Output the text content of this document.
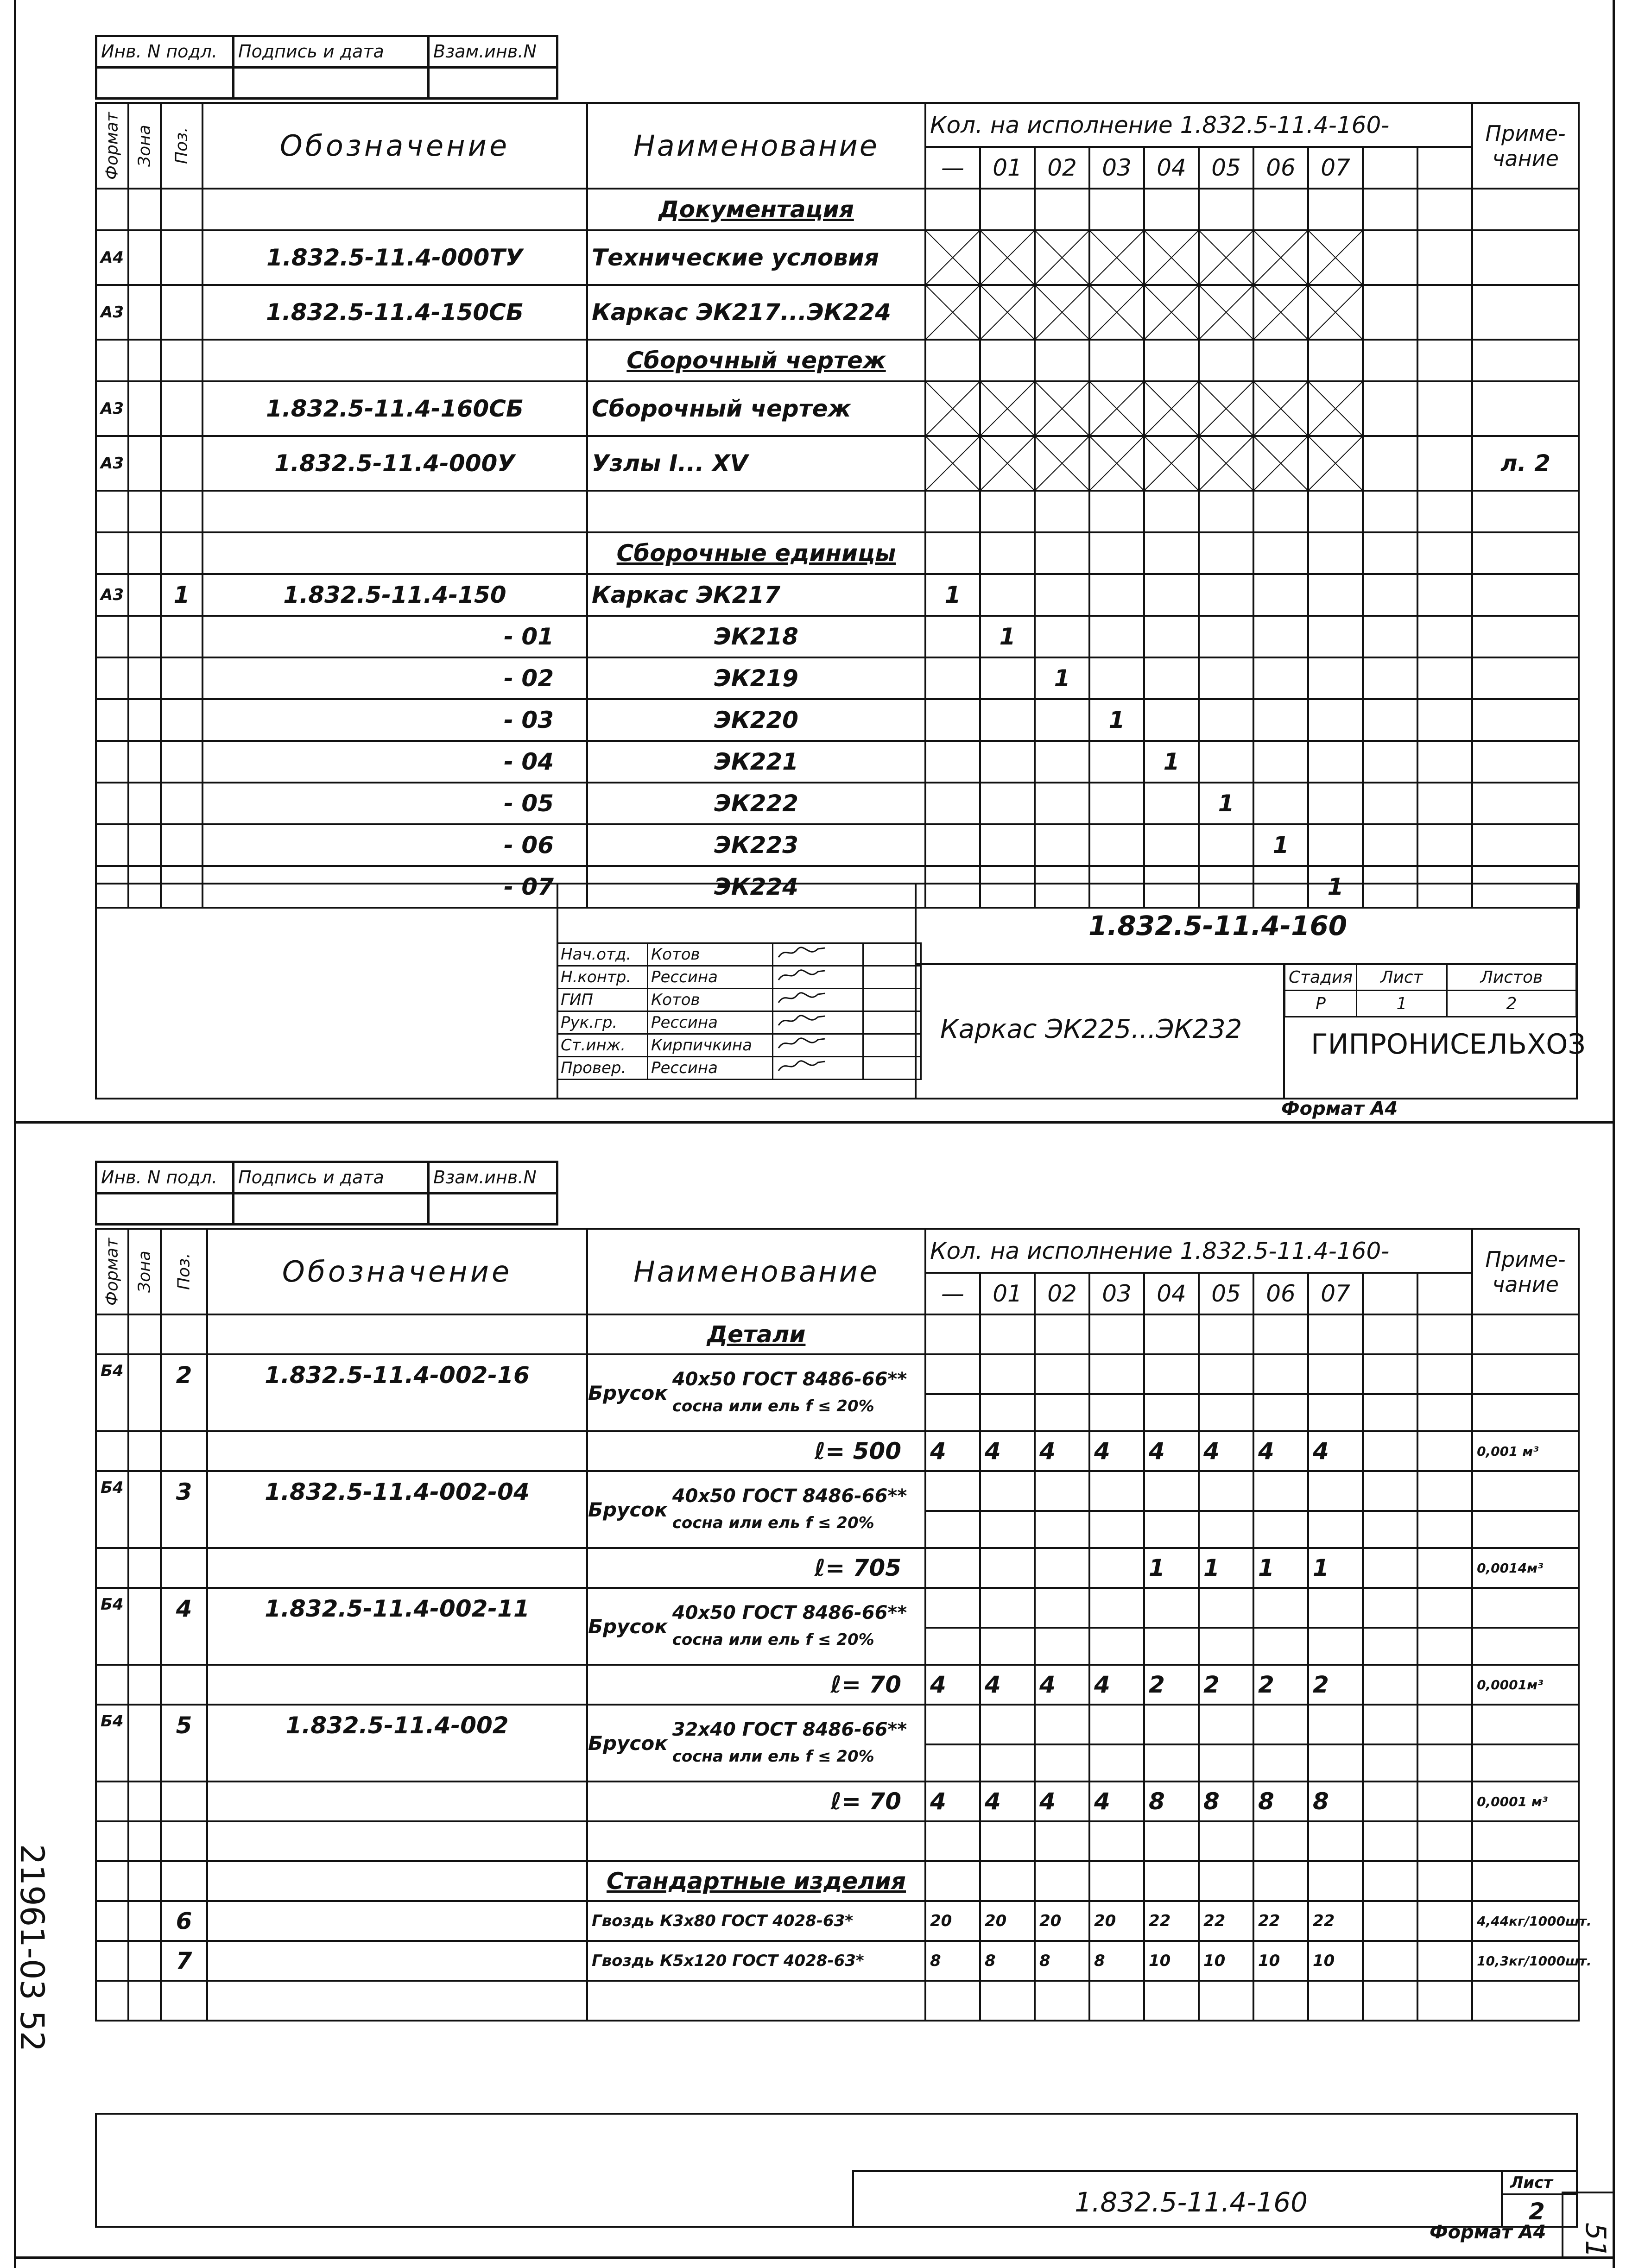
Инв. N подл.	Подпись и дата	Взам.инв.N

Формат	Зона	Поз.	Обозначение	Наименование	Кол. на исполнение 1.832.5-11.4-160-										Приме-чание
					—	01	02	03	04	05	06	07			
				Документация											
А4			1.832.5-11.4-000ТУ	Технические условия	

А3			1.832.5-11.4-150СБ	Каркас ЭК217...ЭК224	

				Сборочный чертеж											
А3			1.832.5-11.4-160СБ	Сборочный чертеж	

А3			1.832.5-11.4-000У	Узлы I... XV											л. 2

				Сборочные единицы											
А3		1	1.832.5-11.4-150	Каркас ЭК217	1										
			- 01	ЭК218		1									
			- 02	ЭК219			1								
			- 03	ЭК220				1							
			- 04	ЭК221					1						
			- 05	ЭК222						1					
			- 06	ЭК223							1				
			- 07	ЭК224								1			
Нач.отд.	Котов		
Н.контр.	Рессина		
ГИП	Котов		
Рук.гр.	Рессина		
Ст.инж.	Кирпичкина		
Провер.	Рессина		
1.832.5-11.4-160
Каркас ЭК225...ЭК232
Стадия	Лист	Листов
Р	1	2
ГИПРОНИСЕЛЬХОЗ
Формат А4
Инв. N подл.	Подпись и дата	Взам.инв.N

Формат	Зона	Поз.	Обозначение	Наименование	Кол. на исполнение 1.832.5-11.4-160-										Приме-чание
					—	01	02	03	04	05	06	07			
				Детали											
Б4		2	1.832.5-11.4-002-16	Брусок
40х50 ГОСТ 8486-66**
сосна или ель f ≤ 20%											

				ℓ= 500	4	4	4	4	4	4	4	4			0,001 м³
Б4		3	1.832.5-11.4-002-04	Брусок
40х50 ГОСТ 8486-66**
сосна или ель f ≤ 20%											

				ℓ= 705					1	1	1	1			0,0014м³
Б4		4	1.832.5-11.4-002-11	Брусок
40х50 ГОСТ 8486-66**
сосна или ель f ≤ 20%											

				ℓ= 70	4	4	4	4	2	2	2	2			0,0001м³
Б4		5	1.832.5-11.4-002	Брусок
32х40 ГОСТ 8486-66**
сосна или ель f ≤ 20%											

				ℓ= 70	4	4	4	4	8	8	8	8			0,0001 м³

				Стандартные изделия											
		6		Гвоздь К3х80 ГОСТ 4028-63*	20	20	20	20	22	22	22	22			4,44кг/1000шт.
		7		Гвоздь К5х120 ГОСТ 4028-63*	8	8	8	8	10	10	10	10			10,3кг/1000шт.

1.832.5-11.4-160
Лист
2
Формат А4
21961-03 52
51
